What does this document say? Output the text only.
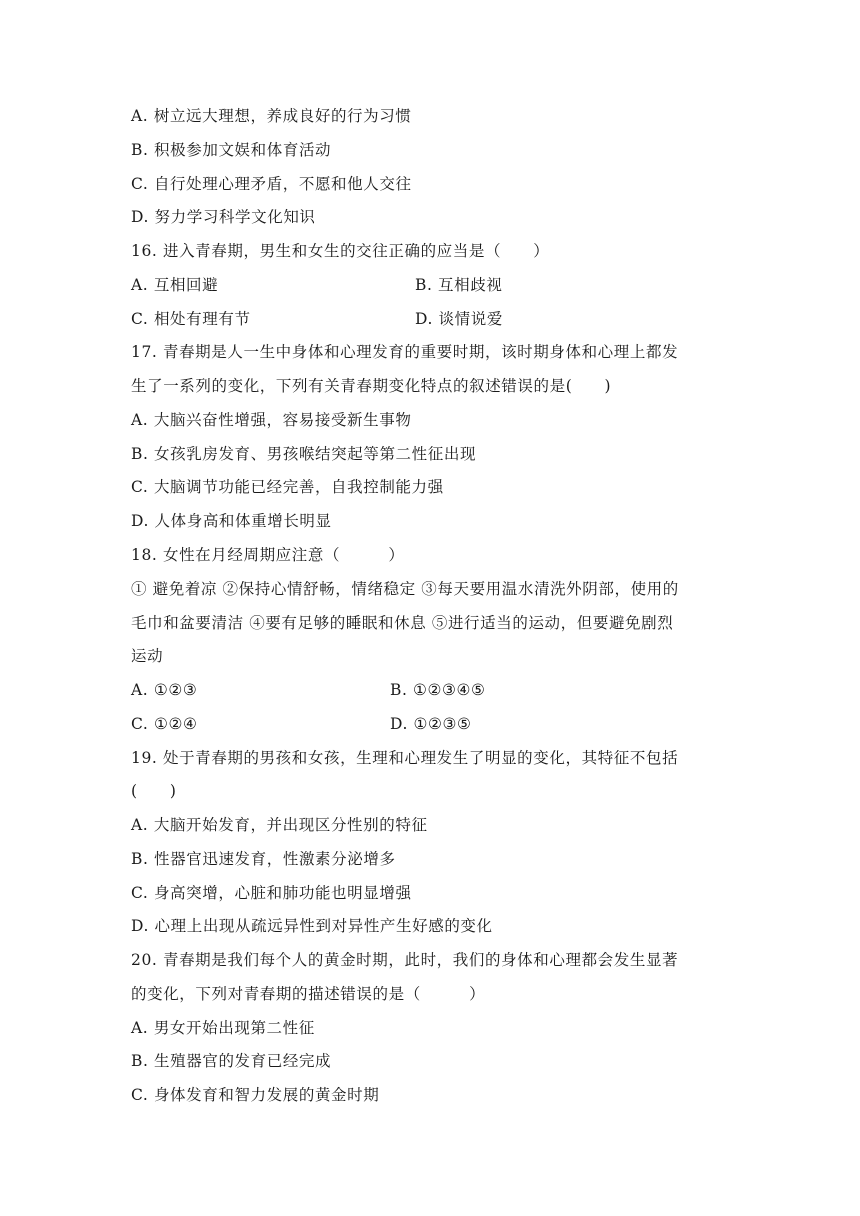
A. 树立远大理想，养成良好的行为习惯
B. 积极参加文娱和体育活动
C. 自行处理心理矛盾，不愿和他人交往
D. 努力学习科学文化知识
16. 进入青春期，男生和女生的交往正确的应当是（　　）
A. 互相回避	B. 互相歧视
C. 相处有理有节	D. 谈情说爱
17. 青春期是人一生中身体和心理发育的重要时期，该时期身体和心理上都发
生了一系列的变化，下列有关青春期变化特点的叙述错误的是(　　)
A. 大脑兴奋性增强，容易接受新生事物
B. 女孩乳房发育、男孩喉结突起等第二性征出现
C. 大脑调节功能已经完善，自我控制能力强
D. 人体身高和体重增长明显
18. 女性在月经周期应注意（　　　）
① 避免着凉 ②保持心情舒畅，情绪稳定 ③每天要用温水清洗外阴部，使用的
毛巾和盆要清洁 ④要有足够的睡眠和休息 ⑤进行适当的运动，但要避免剧烈
运动
A. ①②③	B. ①②③④⑤
C. ①②④	D. ①②③⑤
19. 处于青春期的男孩和女孩，生理和心理发生了明显的变化，其特征不包括
(　　)
A. 大脑开始发育，并出现区分性别的特征
B. 性器官迅速发育，性激素分泌增多
C. 身高突增，心脏和肺功能也明显增强
D. 心理上出现从疏远异性到对异性产生好感的变化
20. 青春期是我们每个人的黄金时期，此时，我们的身体和心理都会发生显著
的变化，下列对青春期的描述错误的是（　　　）
A. 男女开始出现第二性征
B. 生殖器官的发育已经完成
C. 身体发育和智力发展的黄金时期
